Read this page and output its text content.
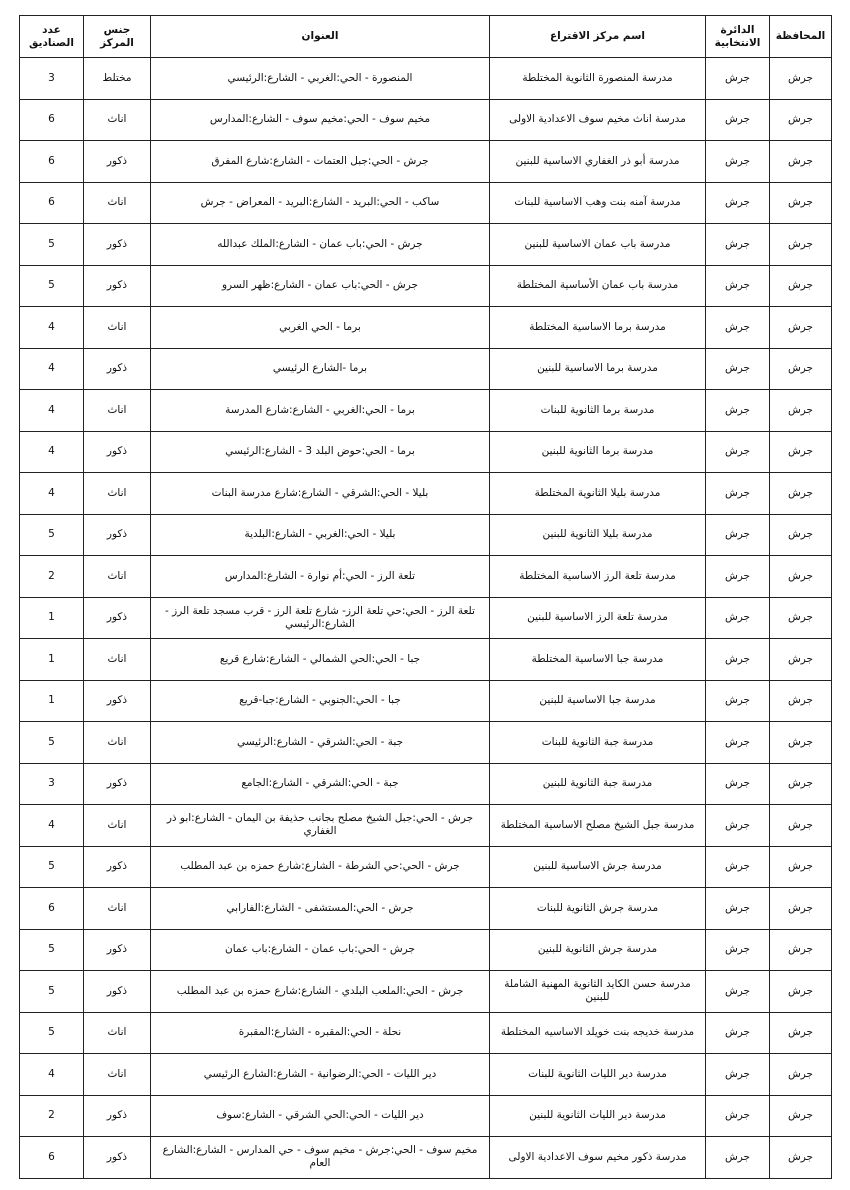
المحافظة	الدائرة الانتخابية	اسم مركز الاقتراع	العنوان	جنس المركز	عدد الصناديق
جرش	جرش	مدرسة المنصورة الثانوية المختلطة	المنصورة - الحي:الغربي - الشارع:الرئيسي	مختلط	3
جرش	جرش	مدرسة اناث مخيم سوف الاعدادية الاولى	مخيم سوف - الحي:مخيم سوف - الشارع:المدارس	اناث	6
جرش	جرش	مدرسة أبو ذر الغفاري الاساسية للبنين	جرش - الحي:جبل العتمات - الشارع:شارع المفرق	ذكور	6
جرش	جرش	مدرسة آمنه بنت وهب الاساسية للبنات	ساكب - الحي:البريد - الشارع:البريد - المعراض - جرش	اناث	6
جرش	جرش	مدرسة باب عمان الاساسية للبنين	جرش - الحي:باب عمان - الشارع:الملك عبدالله	ذكور	5
جرش	جرش	مدرسة باب عمان الأساسية المختلطة	جرش - الحي:باب عمان - الشارع:ظهر السرو	ذكور	5
جرش	جرش	مدرسة برما الاساسية المختلطة	برما - الحي الغربي	اناث	4
جرش	جرش	مدرسة برما الاساسية للبنين	برما -الشارع الرئيسي	ذكور	4
جرش	جرش	مدرسة برما الثانوية للبنات	برما - الحي:الغربي - الشارع:شارع المدرسة	اناث	4
جرش	جرش	مدرسة برما الثانوية للبنين	برما - الحي:حوض البلد 3 - الشارع:الرئيسي	ذكور	4
جرش	جرش	مدرسة بليلا الثانوية المختلطة	بليلا - الحي:الشرقي - الشارع:شارع مدرسة البنات	اناث	4
جرش	جرش	مدرسة بليلا الثانوية للبنين	بليلا - الحي:الغربي - الشارع:البلدية	ذكور	5
جرش	جرش	مدرسة تلعة الرز الاساسية المختلطة	تلعة الرز - الحي:أم نوارة - الشارع:المدارس	اناث	2
جرش	جرش	مدرسة تلعة الرز الاساسية للبنين	تلعة الرز - الحي:حي تلعة الرز- شارع تلعة الرز - قرب مسجد تلعة الرز - الشارع:الرئيسي	ذكور	1
جرش	جرش	مدرسة جبا الاساسية المختلطة	جبا - الحي:الحي الشمالي - الشارع:شارع قريع	اناث	1
جرش	جرش	مدرسة جبا الاساسية للبنين	جبا - الحي:الجنوبي - الشارع:جبا-قريع	ذكور	1
جرش	جرش	مدرسة جبة الثانوية للبنات	جبة - الحي:الشرقي - الشارع:الرئيسي	اناث	5
جرش	جرش	مدرسة جبة الثانوية للبنين	جبة - الحي:الشرقي - الشارع:الجامع	ذكور	3
جرش	جرش	مدرسة جبل الشيخ مصلح الاساسية المختلطة	جرش - الحي:جبل الشيخ مصلح بجانب حذيفة بن اليمان - الشارع:ابو ذر الغفاري	اناث	4
جرش	جرش	مدرسة جرش الاساسية للبنين	جرش - الحي:حي الشرطة - الشارع:شارع حمزه بن عبد المطلب	ذكور	5
جرش	جرش	مدرسة جرش الثانوية للبنات	جرش - الحي:المستشفى - الشارع:الفارابي	اناث	6
جرش	جرش	مدرسة جرش الثانوية للبنين	جرش - الحي:باب عمان - الشارع:باب عمان	ذكور	5
جرش	جرش	مدرسة حسن الكايد الثانوية المهنية الشاملة للبنين	جرش - الحي:الملعب البلدي - الشارع:شارع حمزه بن عبد المطلب	ذكور	5
جرش	جرش	مدرسة خديجه بنت خويلد الاساسيه المختلطة	نحلة - الحي:المقبره - الشارع:المقبرة	اناث	5
جرش	جرش	مدرسة دير الليات الثانوية للبنات	دير الليات - الحي:الرضوانية - الشارع:الشارع الرئيسي	اناث	4
جرش	جرش	مدرسة دير الليات الثانوية للبنين	دير الليات - الحي:الحي الشرقي - الشارع:سوف	ذكور	2
جرش	جرش	مدرسة ذكور مخيم سوف الاعدادية الاولى	مخيم سوف - الحي:جرش - مخيم سوف - حي المدارس - الشارع:الشارع العام	ذكور	6
